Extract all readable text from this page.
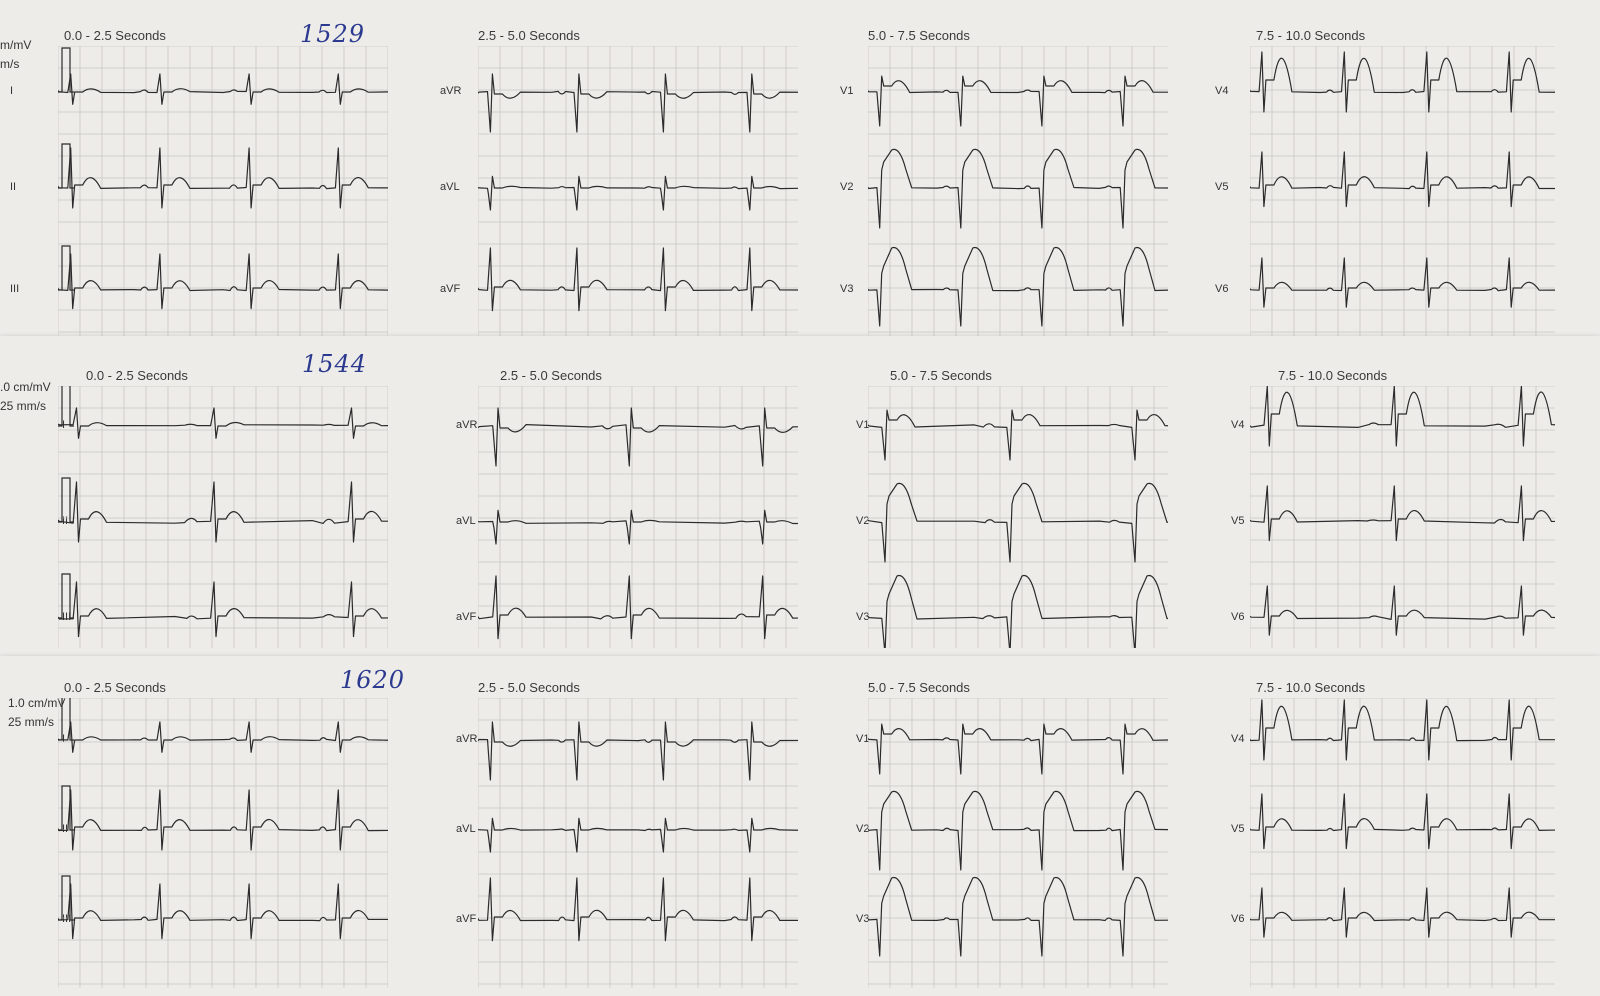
1529
m/mV
m/s
0.0 - 2.5 Seconds
I
II
III
2.5 - 5.0 Seconds
aVR
aVL
aVF
5.0 - 7.5 Seconds
V1
V2
V3
7.5 - 10.0 Seconds
V4
V5
V6
1544
.0 cm/mV
25 mm/s
0.0 - 2.5 Seconds
I
II
III
2.5 - 5.0 Seconds
aVR
aVL
aVF
5.0 - 7.5 Seconds
V1
V2
V3
7.5 - 10.0 Seconds
V4
V5
V6
1620
1.0 cm/mV
25 mm/s
0.0 - 2.5 Seconds
I
II
III
2.5 - 5.0 Seconds
aVR
aVL
aVF
5.0 - 7.5 Seconds
V1
V2
V3
7.5 - 10.0 Seconds
V4
V5
V6
